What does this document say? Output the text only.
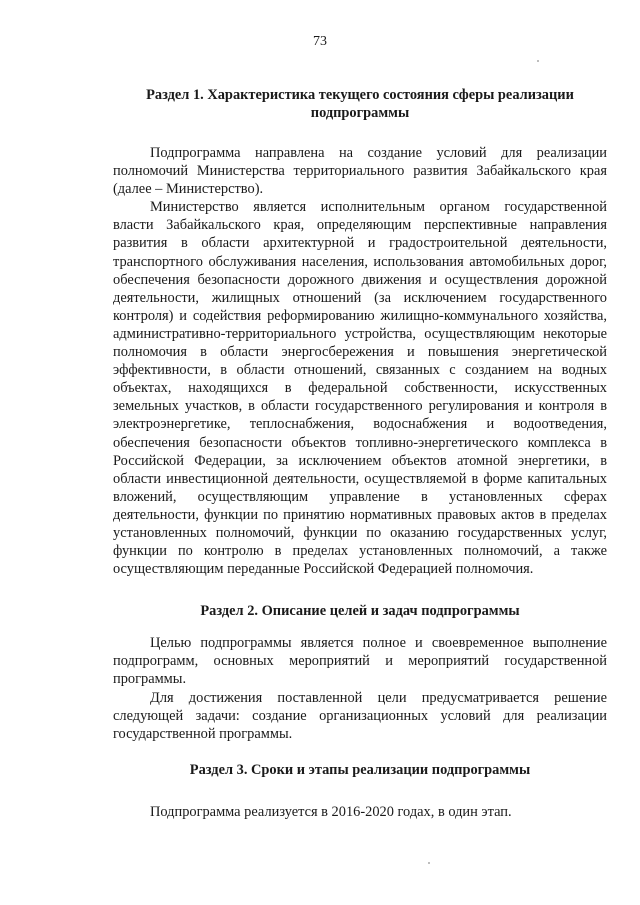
73
Раздел 1. Характеристика текущего состояния сферы реализации подпрограммы

Подпрограмма направлена на создание условий для реализации полномочий Министерства территориального развития Забайкальского края (далее – Министерство).

Министерство является исполнительным органом государственной власти Забайкальского края, определяющим перспективные направления развития в области архитектурной и градостроительной деятельности, транспортного обслуживания населения, использования автомобильных дорог, обеспечения безопасности дорожного движения и осуществления дорожной деятельности, жилищных отношений (за исключением государственного контроля) и содействия реформированию жилищно-коммунального хозяйства, административно-территориального устройства, осуществляющим некоторые полномочия в области энергосбережения и повышения энергетической эффективности, в области отношений, связанных с созданием на водных объектах, находящихся в федеральной собственности, искусственных земельных участков, в области государственного регулирования и контроля в электроэнергетике, теплоснабжения, водоснабжения и водоотведения, обеспечения безопасности объектов топливно-энергетического комплекса в Российской Федерации, за исключением объектов атомной энергетики, в области инвестиционной деятельности, осуществляемой в форме капитальных вложений, осуществляющим управление в установленных сферах деятельности, функции по принятию нормативных правовых актов в пределах установленных полномочий, функции по оказанию государственных услуг, функции по контролю в пределах установленных полномочий, а также осуществляющим переданные Российской Федерацией полномочия.

Раздел 2. Описание целей и задач подпрограммы

Целью подпрограммы является полное и своевременное выполнение подпрограмм, основных мероприятий и мероприятий государственной программы.

Для достижения поставленной цели предусматривается решение следующей задачи: создание организационных условий для реализации государственной программы.

Раздел 3. Сроки и этапы реализации подпрограммы

Подпрограмма реализуется в 2016-2020 годах, в один этап.
